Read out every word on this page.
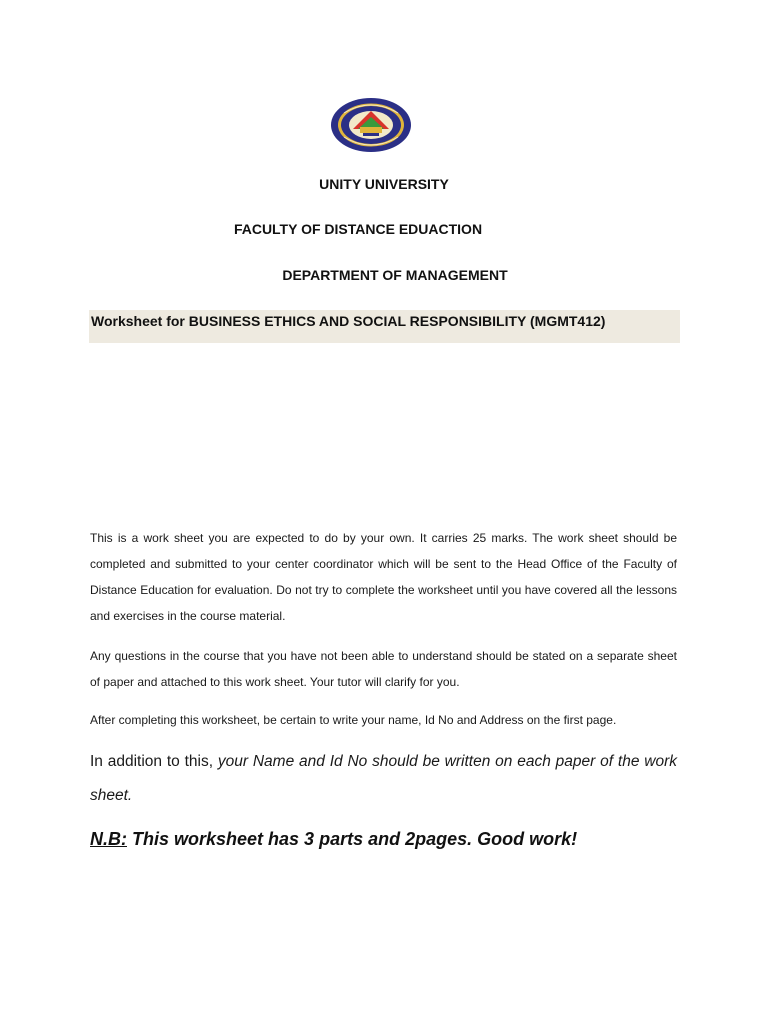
UNITY UNIVERSITY
FACULTY OF DISTANCE EDUACTION
DEPARTMENT OF MANAGEMENT
Worksheet for BUSINESS ETHICS AND SOCIAL RESPONSIBILITY (MGMT412)
This is a work sheet you are expected to do by your own. It carries 25 marks. The work sheet should be completed and submitted to your center coordinator which will be sent to the Head Office of the Faculty of Distance Education for evaluation. Do not try to complete the worksheet until you have covered all the lessons and exercises in the course material.
Any questions in the course that you have not been able to understand should be stated on a separate sheet of paper and attached to this work sheet. Your tutor will clarify for you.
After completing this worksheet, be certain to write your name, Id No and Address on the first page.
In addition to this, your Name and Id No should be written on each paper of the work sheet.
N.B: This worksheet has 3 parts and 2pages. Good work!
